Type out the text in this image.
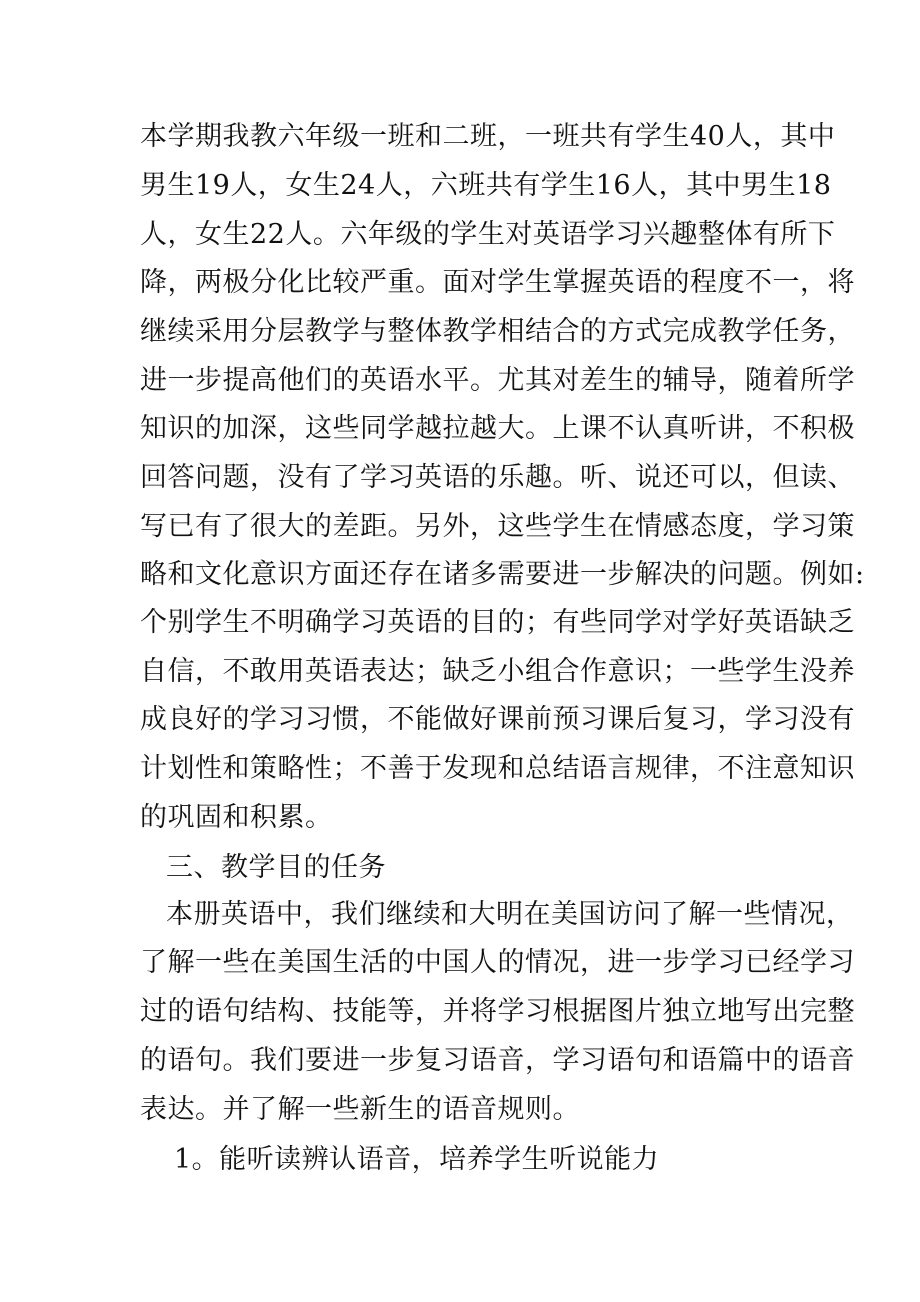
本学期我教六年级一班和二班，一班共有学生40人，其中
男生19人，女生24人，六班共有学生16人，其中男生18
人，女生22人。六年级的学生对英语学习兴趣整体有所下
降，两极分化比较严重。面对学生掌握英语的程度不一，将
继续采用分层教学与整体教学相结合的方式完成教学任务，
进一步提高他们的英语水平。尤其对差生的辅导，随着所学
知识的加深，这些同学越拉越大。上课不认真听讲，不积极
回答问题，没有了学习英语的乐趣。听、说还可以，但读、
写已有了很大的差距。另外，这些学生在情感态度，学习策
略和文化意识方面还存在诸多需要进一步解决的问题。例如:
个别学生不明确学习英语的目的；有些同学对学好英语缺乏
自信，不敢用英语表达；缺乏小组合作意识；一些学生没养
成良好的学习习惯，不能做好课前预习课后复习，学习没有
计划性和策略性；不善于发现和总结语言规律，不注意知识
的巩固和积累。
三、教学目的任务
本册英语中，我们继续和大明在美国访问了解一些情况，
了解一些在美国生活的中国人的情况，进一步学习已经学习
过的语句结构、技能等，并将学习根据图片独立地写出完整
的语句。我们要进一步复习语音，学习语句和语篇中的语音
表达。并了解一些新生的语音规则。
1。能听读辨认语音，培养学生听说能力
